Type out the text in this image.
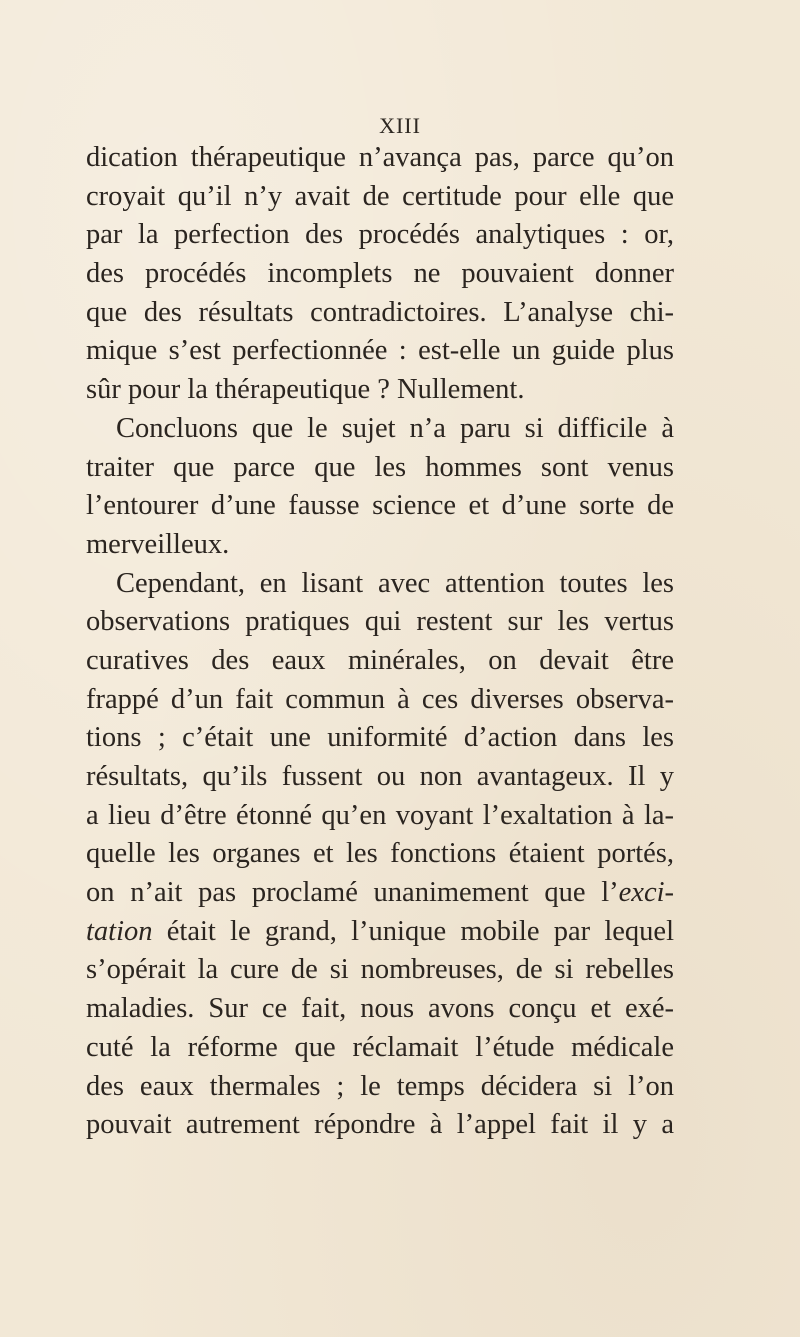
XIII
dication thérapeutique n’avança pas, parce qu’on
croyait qu’il n’y avait de certitude pour elle que
par la perfection des procédés analytiques : or,
des procédés incomplets ne pouvaient donner
que des résultats contradictoires. L’analyse chi-
mique s’est perfectionnée : est-elle un guide plus
sûr pour la thérapeutique ? Nullement.
Concluons que le sujet n’a paru si difficile à
traiter que parce que les hommes sont venus
l’entourer d’une fausse science et d’une sorte de
merveilleux.
Cependant, en lisant avec attention toutes les
observations pratiques qui restent sur les vertus
curatives des eaux minérales, on devait être
frappé d’un fait commun à ces diverses observa-
tions ; c’était une uniformité d’action dans les
résultats, qu’ils fussent ou non avantageux. Il y
a lieu d’être étonné qu’en voyant l’exaltation à la-
quelle les organes et les fonctions étaient portés,
on n’ait pas proclamé unanimement que l’exci-
tation était le grand, l’unique mobile par lequel
s’opérait la cure de si nombreuses, de si rebelles
maladies. Sur ce fait, nous avons conçu et exé-
cuté la réforme que réclamait l’étude médicale
des eaux thermales ; le temps décidera si l’on
pouvait autrement répondre à l’appel fait il y a
